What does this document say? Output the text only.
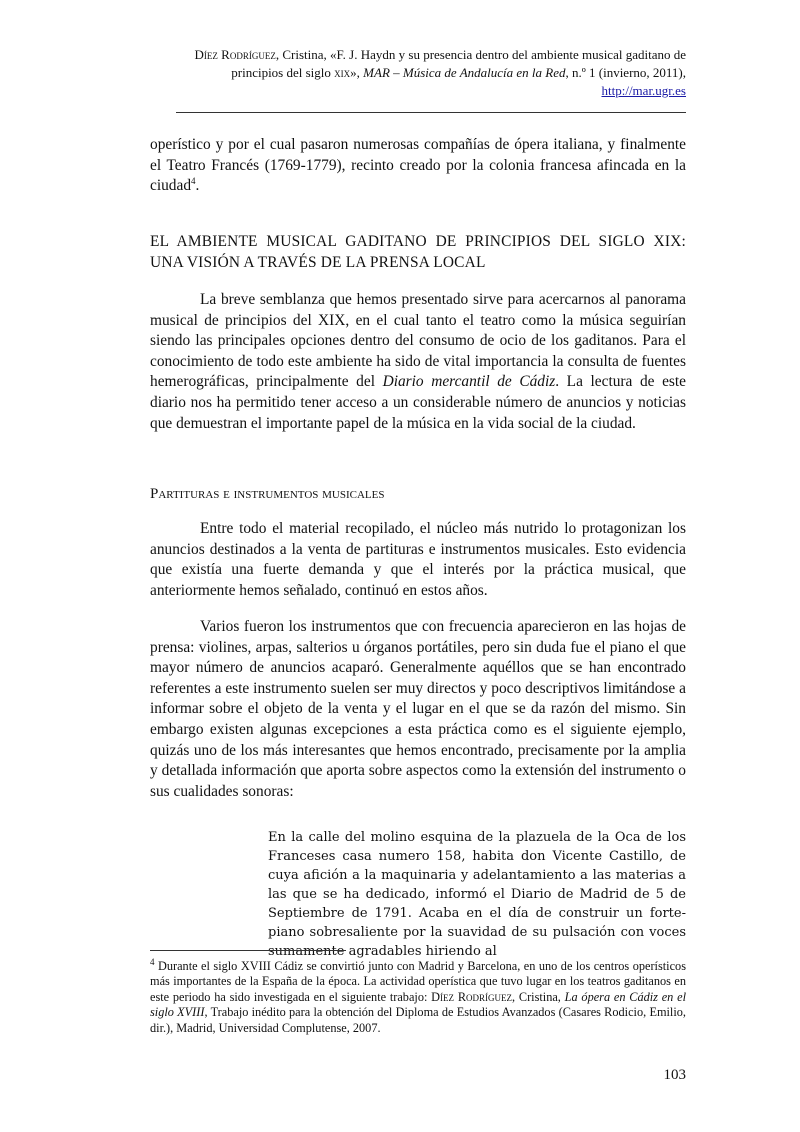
Díez Rodríguez, Cristina, «F. J. Haydn y su presencia dentro del ambiente musical gaditano de
principios del siglo xix», MAR – Música de Andalucía en la Red, n.º 1 (invierno, 2011),
http://mar.ugr.es
operístico y por el cual pasaron numerosas compañías de ópera italiana, y finalmente el Teatro Francés (1769-1779), recinto creado por la colonia francesa afincada en la ciudad$^4$.
EL AMBIENTE MUSICAL GADITANO DE PRINCIPIOS DEL SIGLO XIX: UNA VISIÓN A TRAVÉS DE LA PRENSA LOCAL
La breve semblanza que hemos presentado sirve para acercarnos al panorama musical de principios del XIX, en el cual tanto el teatro como la música seguirían siendo las principales opciones dentro del consumo de ocio de los gaditanos. Para el conocimiento de todo este ambiente ha sido de vital importancia la consulta de fuentes hemerográficas, principalmente del Diario mercantil de Cádiz. La lectura de este diario nos ha permitido tener acceso a un considerable número de anuncios y noticias que demuestran el importante papel de la música en la vida social de la ciudad.
Partituras e instrumentos musicales
Entre todo el material recopilado, el núcleo más nutrido lo protagonizan los anuncios destinados a la venta de partituras e instrumentos musicales. Esto evidencia que existía una fuerte demanda y que el interés por la práctica musical, que anteriormente hemos señalado, continuó en estos años.
Varios fueron los instrumentos que con frecuencia aparecieron en las hojas de prensa: violines, arpas, salterios u órganos portátiles, pero sin duda fue el piano el que mayor número de anuncios acaparó. Generalmente aquéllos que se han encontrado referentes a este instrumento suelen ser muy directos y poco descriptivos limitándose a informar sobre el objeto de la venta y el lugar en el que se da razón del mismo. Sin embargo existen algunas excepciones a esta práctica como es el siguiente ejemplo, quizás uno de los más interesantes que hemos encontrado, precisamente por la amplia y detallada información que aporta sobre aspectos como la extensión del instrumento o sus cualidades sonoras:
En la calle del molino esquina de la plazuela de la Oca de los Franceses casa numero 158, habita don Vicente Castillo, de cuya afición a la maquinaria y adelantamiento a las materias a las que se ha dedicado, informó el Diario de Madrid de 5 de Septiembre de 1791. Acaba en el día de construir un forte-piano sobresaliente por la suavidad de su pulsación con voces sumamente agradables hiriendo al
$^4$ Durante el siglo XVIII Cádiz se convirtió junto con Madrid y Barcelona, en uno de los centros operísticos más importantes de la España de la época. La actividad operística que tuvo lugar en los teatros gaditanos en este periodo ha sido investigada en el siguiente trabajo: Díez Rodríguez, Cristina, La ópera en Cádiz en el siglo XVIII, Trabajo inédito para la obtención del Diploma de Estudios Avanzados (Casares Rodicio, Emilio, dir.), Madrid, Universidad Complutense, 2007.
103
